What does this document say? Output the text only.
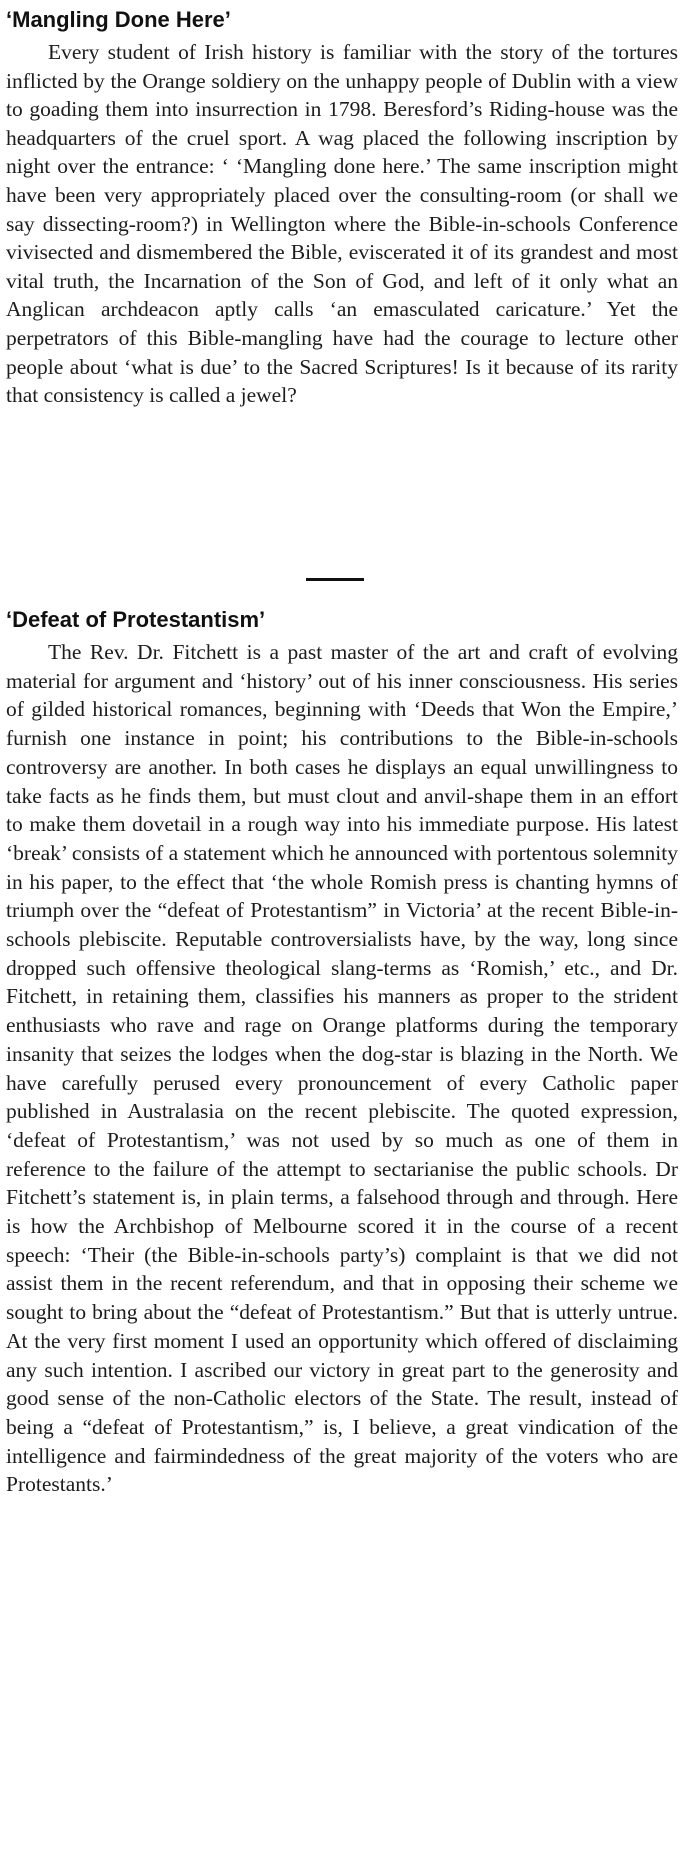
‘Mangling Done Here’

Every student of Irish history is familiar with the story of the tortures inflicted by the Orange soldiery on the unhappy people of Dublin with a view to goading them into insurrection in 1798. Beresford’s Riding-house was the headquarters of the cruel sport. A wag placed the following inscription by night over the entrance: ‘ ‘Mangling done here.’ The same inscription might have been very appropriately placed over the consulting-room (or shall we say dissecting-room?) in Wellington where the Bible-in-schools Conference vivisected and dismembered the Bible, eviscerated it of its grandest and most vital truth, the Incarnation of the Son of God, and left of it only what an Anglican archdeacon aptly calls ‘an emasculated caricature.’ Yet the perpetrators of this Bible-mangling have had the courage to lecture other people about ‘what is due’ to the Sacred Scriptures! Is it because of its rarity that consistency is called a jewel?

‘Defeat of Protestantism’

The Rev. Dr. Fitchett is a past master of the art and craft of evolving material for argument and ‘history’ out of his inner consciousness. His series of gilded historical romances, beginning with ‘Deeds that Won the Empire,’ furnish one instance in point; his contributions to the Bible-in-schools controversy are another. In both cases he displays an equal unwillingness to take facts as he finds them, but must clout and anvil-shape them in an effort to make them dovetail in a rough way into his immediate purpose. His latest ‘break’ consists of a statement which he announced with portentous solemnity in his paper, to the effect that ‘the whole Romish press is chanting hymns of triumph over the “defeat of Protestantism” in Victoria’ at the recent Bible-in-schools plebiscite. Reputable controversialists have, by the way, long since dropped such offensive theological slang-terms as ‘Romish,’ etc., and Dr. Fitchett, in retaining them, classifies his manners as proper to the strident enthusiasts who rave and rage on Orange platforms during the temporary insanity that seizes the lodges when the dog-star is blazing in the North. We have carefully perused every pronouncement of every Catholic paper published in Australasia on the recent plebiscite. The quoted expression, ‘defeat of Protestantism,’ was not used by so much as one of them in reference to the failure of the attempt to sectarianise the public schools. Dr Fitchett’s statement is, in plain terms, a falsehood through and through. Here is how the Archbishop of Melbourne scored it in the course of a recent speech: ‘Their (the Bible-in-schools party’s) complaint is that we did not assist them in the recent referendum, and that in opposing their scheme we sought to bring about the “defeat of Protestantism.” But that is utterly untrue. At the very first moment I used an opportunity which offered of disclaiming any such intention. I ascribed our victory in great part to the generosity and good sense of the non-Catholic electors of the State. The result, instead of being a “defeat of Protestantism,” is, I believe, a great vindication of the intelligence and fairmindedness of the great majority of the voters who are Protestants.’
